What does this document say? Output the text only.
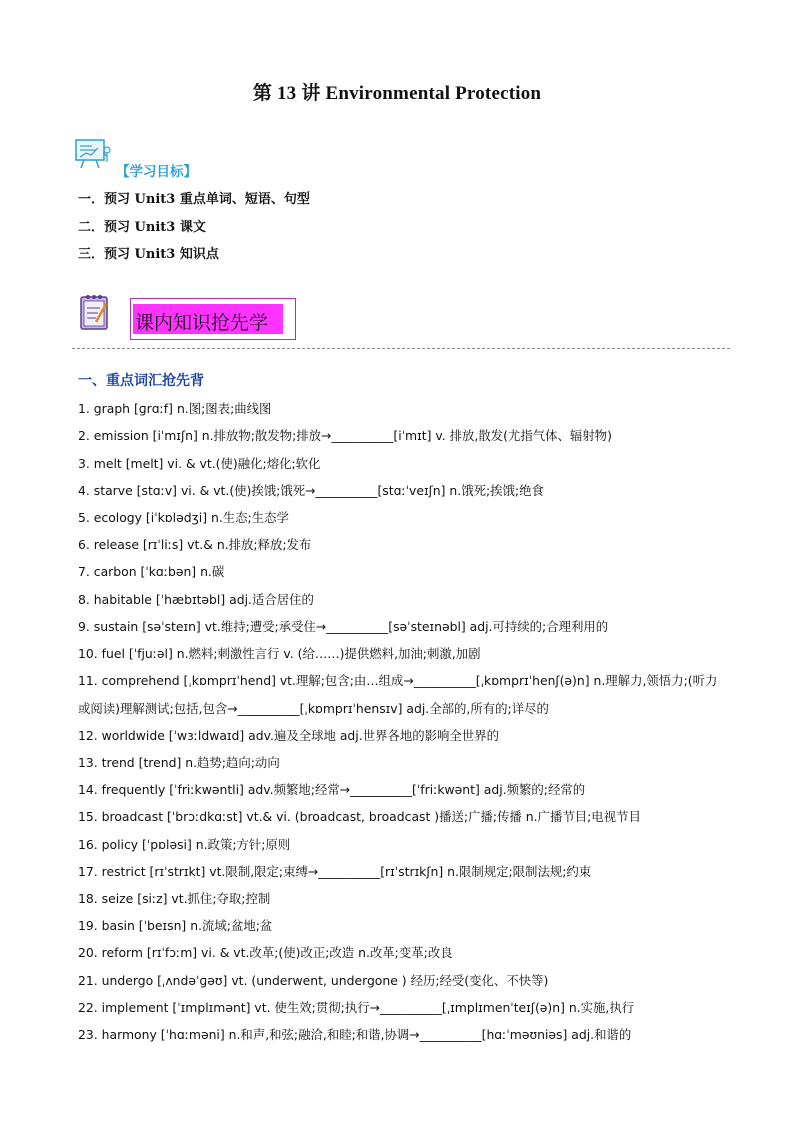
第 13 讲 Environmental Protection
【学习目标】
一．预习 Unit3 重点单词、短语、句型
二．预习 Unit3 课文
三．预习 Unit3 知识点
课内知识抢先学
一、重点词汇抢先背
1. graph [ɡrɑːf] n.图;图表;曲线图
2. emission [iˈmɪʃn] n.排放物;散发物;排放→__________[iˈmɪt] v. 排放,散发(尤指气体、辐射物)
3. melt [melt] vi. & vt.(使)融化;熔化;软化
4. starve [stɑːv] vi. & vt.(使)挨饿;饿死→__________[stɑːˈveɪʃn] n.饿死;挨饿;绝食
5. ecology [iˈkɒlədʒi] n.生态;生态学
6. release [rɪˈliːs] vt.& n.排放;释放;发布
7. carbon [ˈkɑːbən] n.碳
8. habitable [ˈhæbɪtəbl] adj.适合居住的
9. sustain [səˈsteɪn] vt.维持;遭受;承受住→__________[səˈsteɪnəbl] adj.可持续的;合理利用的
10. fuel [ˈfjuːəl] n.燃料;刺激性言行 v. (给……)提供燃料,加油;刺激,加剧
11. comprehend [ˌkɒmprɪˈhend] vt.理解;包含;由…组成→__________[ˌkɒmprɪˈhenʃ(ə)n] n.理解力,领悟力;(听力
或阅读)理解测试;包括,包含→__________[ˌkɒmprɪˈhensɪv] adj.全部的,所有的;详尽的
12. worldwide [ˈwɜːldwaɪd] adv.遍及全球地 adj.世界各地的影响全世界的
13. trend [trend] n.趋势;趋向;动向
14. frequently [ˈfriːkwəntli] adv.频繁地;经常→__________[ˈfriːkwənt] adj.频繁的;经常的
15. broadcast [ˈbrɔːdkɑːst] vt.& vi. (broadcast, broadcast )播送;广播;传播 n.广播节目;电视节目
16. policy [ˈpɒləsi] n.政策;方针;原则
17. restrict [rɪˈstrɪkt] vt.限制,限定;束缚→__________[rɪˈstrɪkʃn] n.限制规定;限制法规;约束
18. seize [siːz] vt.抓住;夺取;控制
19. basin [ˈbeɪsn] n.流域;盆地;盆
20. reform [rɪˈfɔːm] vi. & vt.改革;(使)改正;改造 n.改革;变革;改良
21. undergo [ˌʌndəˈɡəʊ] vt. (underwent, undergone ) 经历;经受(变化、不快等)
22. implement [ˈɪmplɪmənt] vt. 使生效;贯彻;执行→__________[ˌɪmplɪmenˈteɪʃ(ə)n] n.实施,执行
23. harmony [ˈhɑːməni] n.和声,和弦;融洽,和睦;和谐,协调→__________[hɑːˈməʊniəs] adj.和谐的
